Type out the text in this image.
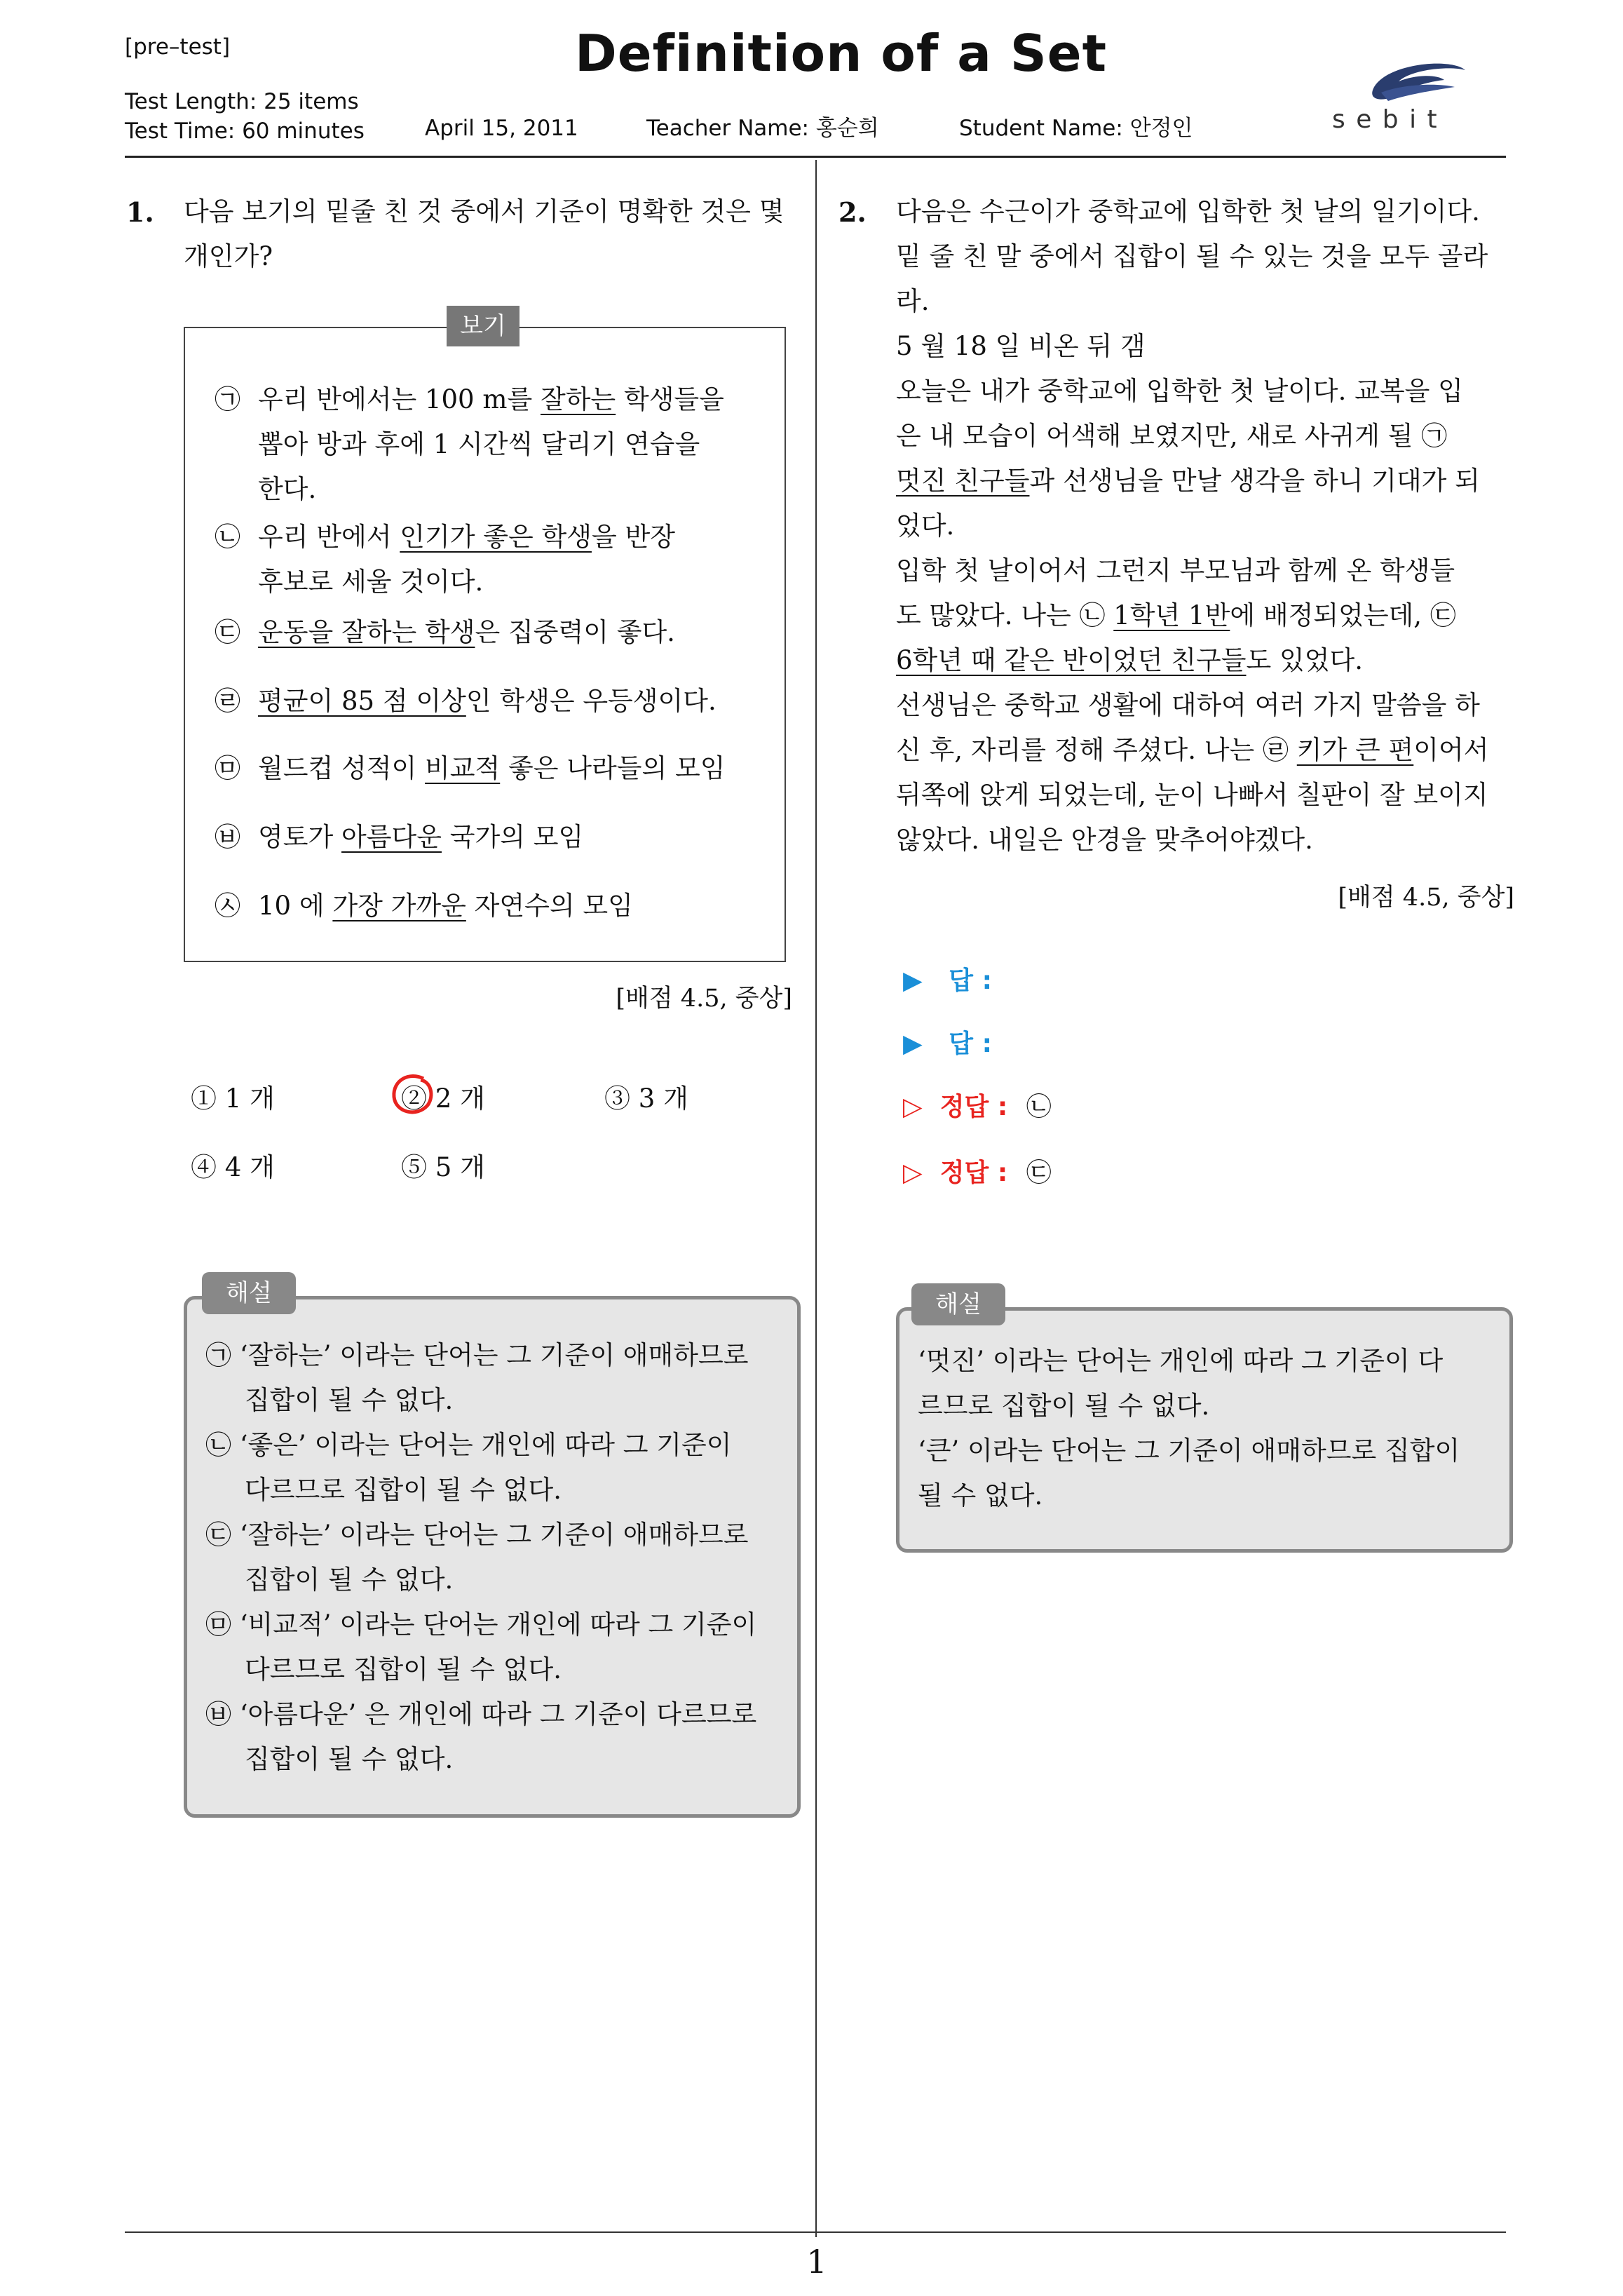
[pre–test]	Definition of a Set
Test Length: 25 items
Test Time: 60 minutes	April 15, 2011	Teacher Name: 홍순희	Student Name: 안정인	s e b i t
1. 다음 보기의 밑줄 친 것 중에서 기준이 명확한 것은 몇
개인가?
㉠ 우리 반에서는 100 m를 잘하는 학생들을
뽑아 방과 후에 1 시간씩 달리기 연습을
한다.
㉡ 우리 반에서 인기가 좋은 학생을 반장
후보로 세울 것이다.
㉢ 운동을 잘하는 학생은 집중력이 좋다.
㉣ 평균이 85 점 이상인 학생은 우등생이다.
㉤ 월드컵 성적이 비교적 좋은 나라들의 모임
㉥ 영토가 아름다운 국가의 모임
㉦ 10 에 가장 가까운 자연수의 모임
보기
[배점 4.5, 중상]
① 1 개	② 2 개	③ 3 개
④ 4 개	⑤ 5 개
㉠ ‘잘하는’ 이라는 단어는 그 기준이 애매하므로
집합이 될 수 없다.
㉡ ‘좋은’ 이라는 단어는 개인에 따라 그 기준이
다르므로 집합이 될 수 없다.
㉢ ‘잘하는’ 이라는 단어는 그 기준이 애매하므로
집합이 될 수 없다.
㉤ ‘비교적’ 이라는 단어는 개인에 따라 그 기준이
다르므로 집합이 될 수 없다.
㉥ ‘아름다운’ 은 개인에 따라 그 기준이 다르므로
집합이 될 수 없다.
해설
2. 다음은 수근이가 중학교에 입학한 첫 날의 일기이다.
밑 줄 친 말 중에서 집합이 될 수 있는 것을 모두 골라
라.
5 월 18 일 비온 뒤 갬
오늘은 내가 중학교에 입학한 첫 날이다. 교복을 입
은 내 모습이 어색해 보였지만, 새로 사귀게 될 ㉠
멋진 친구들과 선생님을 만날 생각을 하니 기대가 되
었다.
입학 첫 날이어서 그런지 부모님과 함께 온 학생들
도 많았다. 나는 ㉡ 1학년 1반에 배정되었는데, ㉢
6학년 때 같은 반이었던 친구들도 있었다.
선생님은 중학교 생활에 대하여 여러 가지 말씀을 하
신 후, 자리를 정해 주셨다. 나는 ㉣ 키가 큰 편이어서
뒤쪽에 앉게 되었는데, 눈이 나빠서 칠판이 잘 보이지
않았다. 내일은 안경을 맞추어야겠다.
[배점 4.5, 중상]
▶ 답 :
▶ 답 :
▷ 정답 : ㉡
▷ 정답 : ㉢
‘멋진’ 이라는 단어는 개인에 따라 그 기준이 다
르므로 집합이 될 수 없다.
‘큰’ 이라는 단어는 그 기준이 애매하므로 집합이
될 수 없다.
해설
1
